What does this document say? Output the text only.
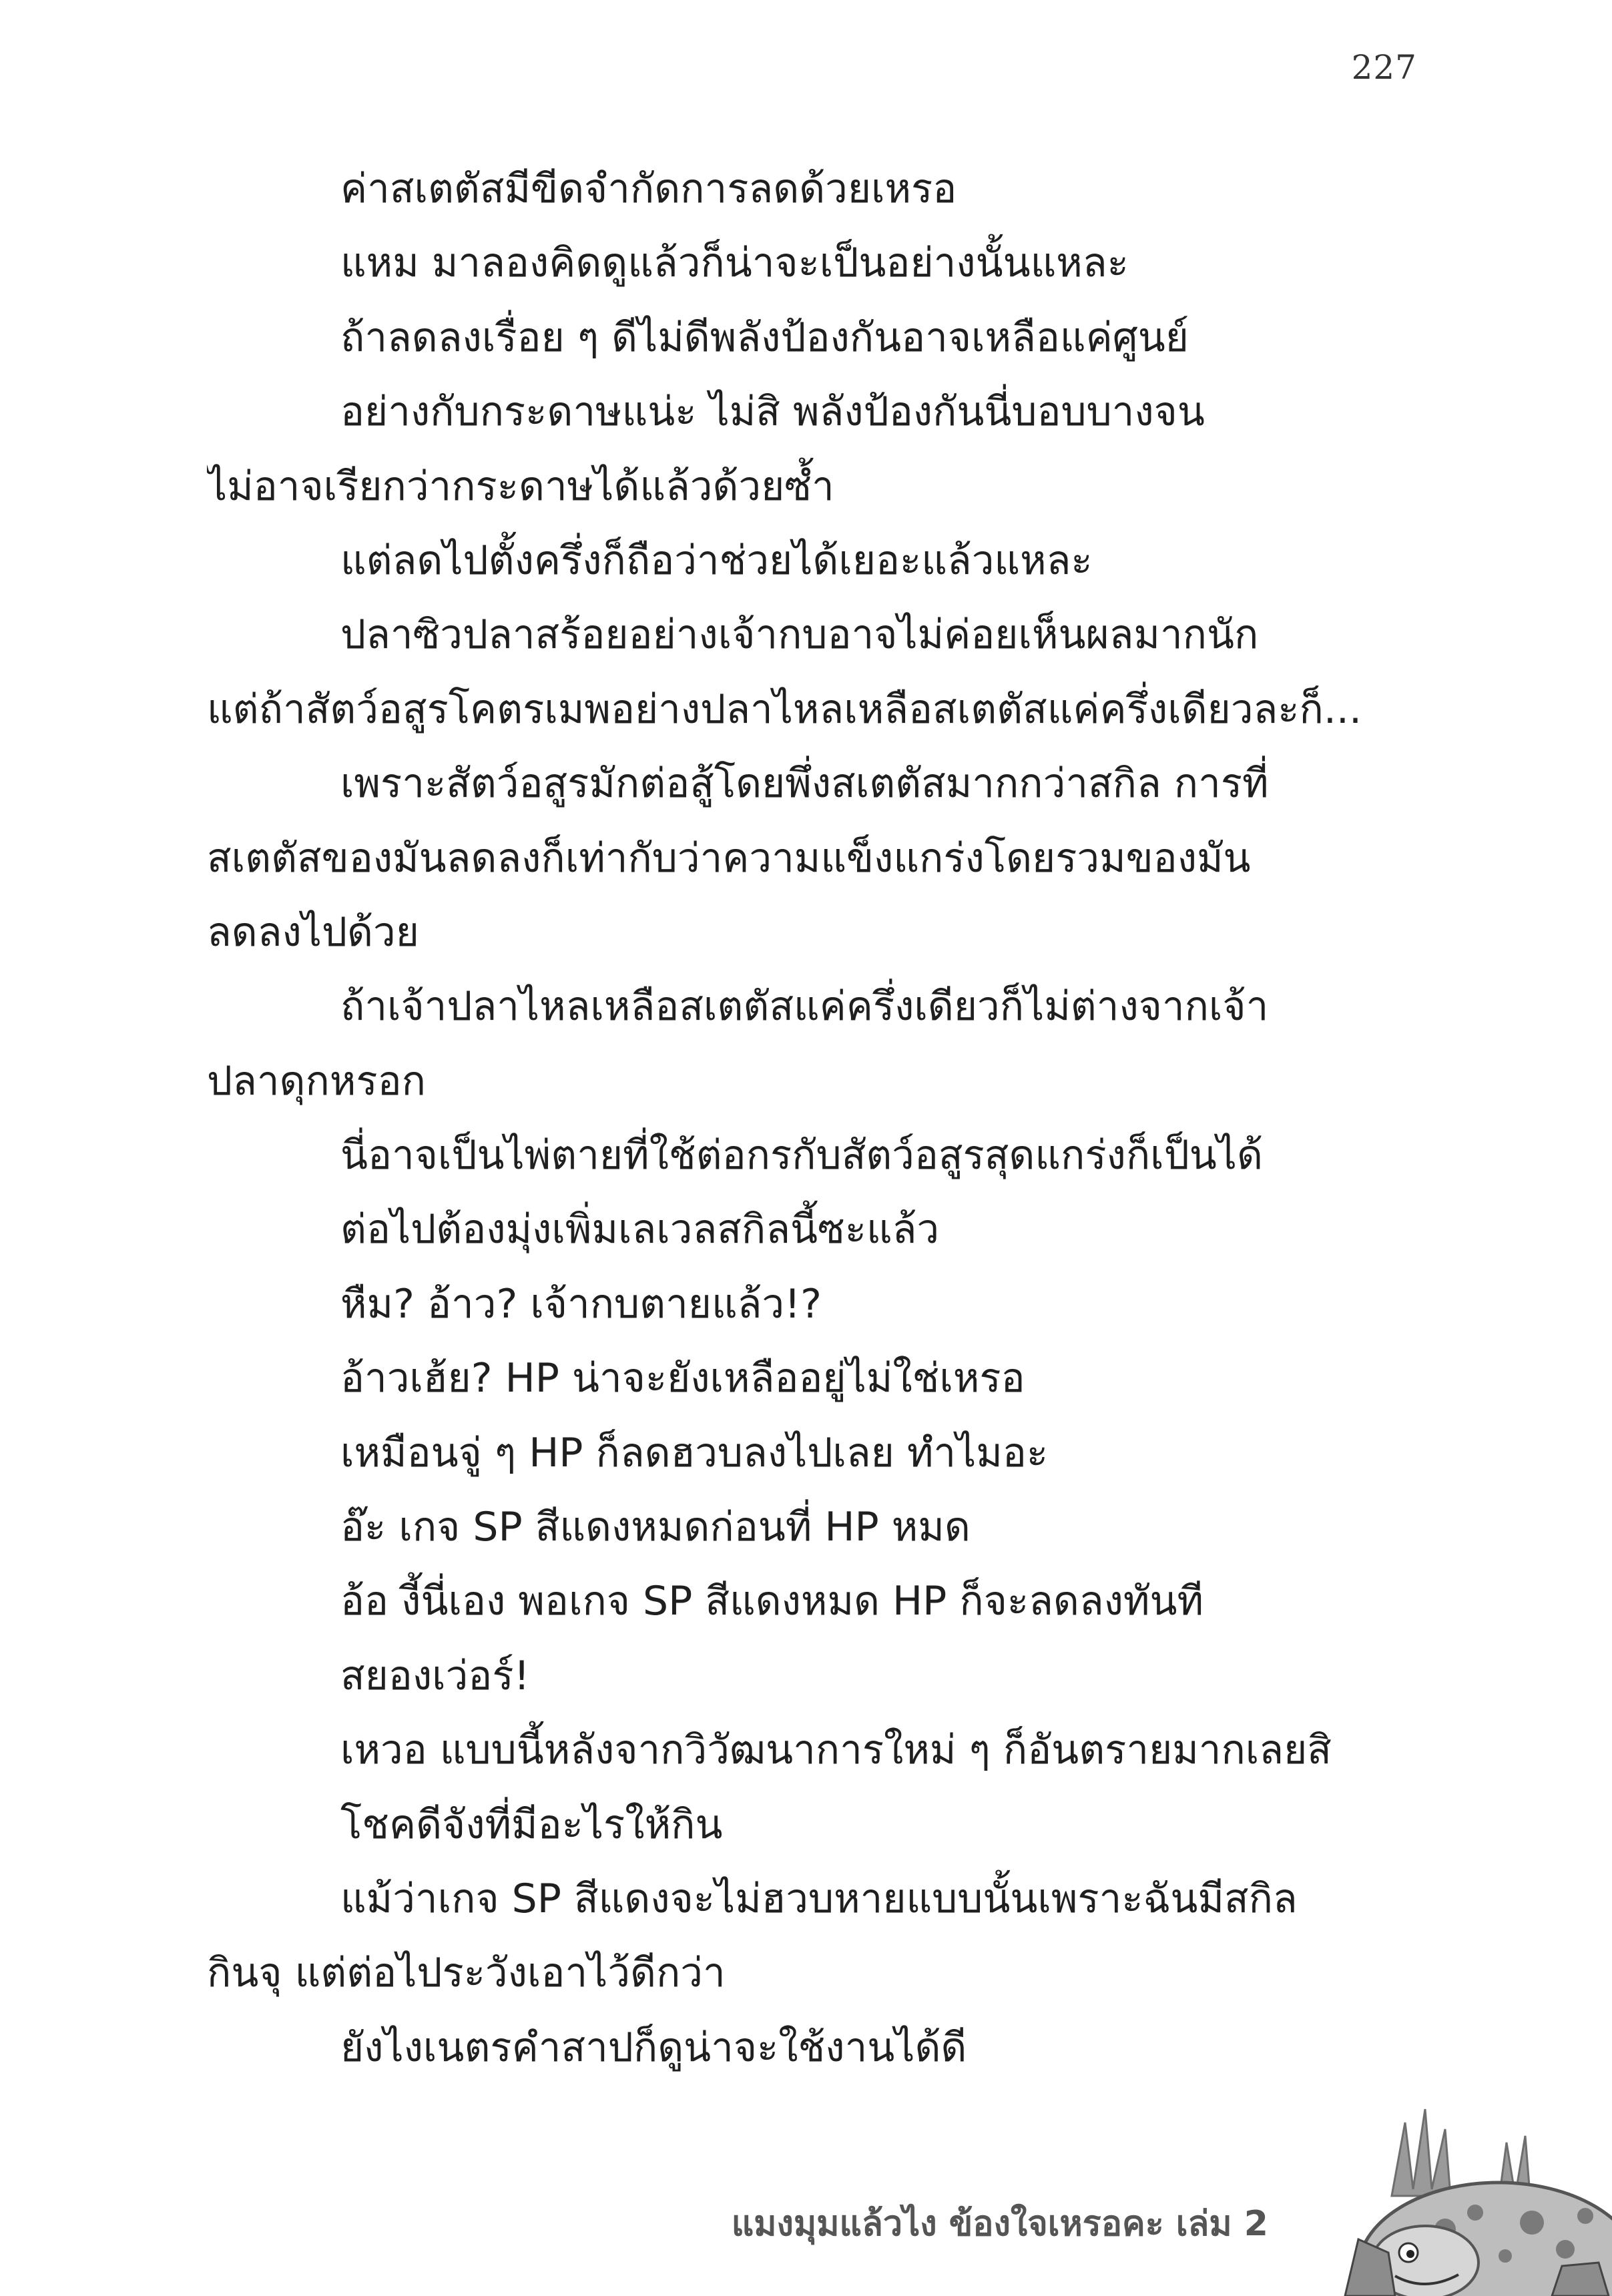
227

ค่าสเตตัสมีขีดจำกัดการลดด้วยเหรอ

แหม มาลองคิดดูแล้วก็น่าจะเป็นอย่างนั้นแหละ

ถ้าลดลงเรื่อย ๆ ดีไม่ดีพลังป้องกันอาจเหลือแค่ศูนย์

อย่างกับกระดาษแน่ะ ไม่สิ พลังป้องกันนี่บอบบางจน

ไม่อาจเรียกว่ากระดาษได้แล้วด้วยซ้ำ

แต่ลดไปตั้งครึ่งก็ถือว่าช่วยได้เยอะแล้วแหละ

ปลาซิวปลาสร้อยอย่างเจ้ากบอาจไม่ค่อยเห็นผลมากนัก

แต่ถ้าสัตว์อสูรโคตรเมพอย่างปลาไหลเหลือสเตตัสแค่ครึ่งเดียวละก็...

เพราะสัตว์อสูรมักต่อสู้โดยพึ่งสเตตัสมากกว่าสกิล การที่

สเตตัสของมันลดลงก็เท่ากับว่าความแข็งแกร่งโดยรวมของมัน

ลดลงไปด้วย

ถ้าเจ้าปลาไหลเหลือสเตตัสแค่ครึ่งเดียวก็ไม่ต่างจากเจ้า

ปลาดุกหรอก

นี่อาจเป็นไพ่ตายที่ใช้ต่อกรกับสัตว์อสูรสุดแกร่งก็เป็นได้

ต่อไปต้องมุ่งเพิ่มเลเวลสกิลนี้ซะแล้ว

หืม? อ้าว? เจ้ากบตายแล้ว!?

อ้าวเฮ้ย? HP น่าจะยังเหลืออยู่ไม่ใช่เหรอ

เหมือนจู่ ๆ HP ก็ลดฮวบลงไปเลย ทำไมอะ

อ๊ะ เกจ SP สีแดงหมดก่อนที่ HP หมด

อ้อ งี้นี่เอง พอเกจ SP สีแดงหมด HP ก็จะลดลงทันที

สยองเว่อร์!

เหวอ แบบนี้หลังจากวิวัฒนาการใหม่ ๆ ก็อันตรายมากเลยสิ

โชคดีจังที่มีอะไรให้กิน

แม้ว่าเกจ SP สีแดงจะไม่ฮวบหายแบบนั้นเพราะฉันมีสกิล

กินจุ แต่ต่อไประวังเอาไว้ดีกว่า

ยังไงเนตรคำสาปก็ดูน่าจะใช้งานได้ดี

แมงมุมแล้วไง ข้องใจเหรอคะ เล่ม 2
